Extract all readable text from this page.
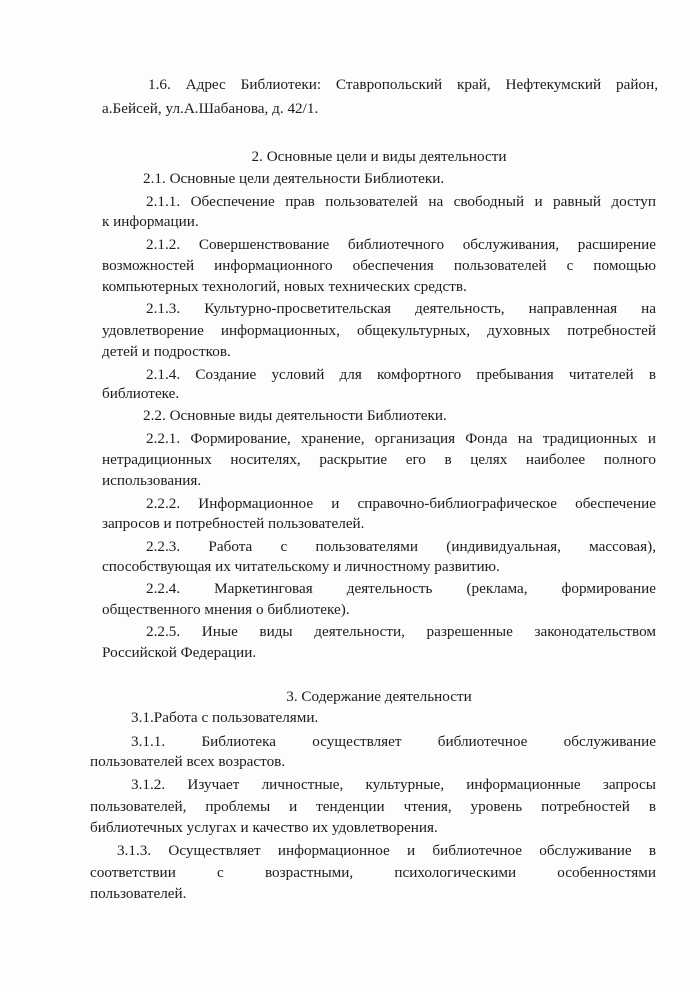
1.6. Адрес Библиотеки: Ставропольский край, Нефтекумский район,

а.Бейсей, ул.А.Шабанова, д. 42/1.

2. Основные цели и виды деятельности

2.1. Основные цели деятельности Библиотеки.

2.1.1. Обеспечение прав пользователей на свободный и равный доступ

к информации.

2.1.2. Совершенствование библиотечного обслуживания, расширение

возможностей информационного обеспечения пользователей с помощью

компьютерных технологий, новых технических средств.

2.1.3. Культурно-просветительская деятельность, направленная на

удовлетворение информационных, общекультурных, духовных потребностей

детей и подростков.

2.1.4. Создание условий для комфортного пребывания читателей в

библиотеке.

2.2. Основные виды деятельности Библиотеки.

2.2.1. Формирование, хранение, организация Фонда на традиционных и

нетрадиционных носителях, раскрытие его в целях наиболее полного

использования.

2.2.2. Информационное и справочно-библиографическое обеспечение

запросов и потребностей пользователей.

2.2.3. Работа с пользователями (индивидуальная, массовая),

способствующая их читательскому и личностному развитию.

2.2.4. Маркетинговая деятельность (реклама, формирование

общественного мнения о библиотеке).

2.2.5. Иные виды деятельности, разрешенные законодательством

Российской Федерации.

3. Содержание деятельности

3.1.Работа с пользователями.

3.1.1. Библиотека осуществляет библиотечное обслуживание

пользователей всех возрастов.

3.1.2. Изучает личностные, культурные, информационные запросы

пользователей, проблемы и тенденции чтения, уровень потребностей в

библиотечных услугах и качество их удовлетворения.

3.1.3. Осуществляет информационное и библиотечное обслуживание в

соответствии с возрастными, психологическими особенностями

пользователей.
